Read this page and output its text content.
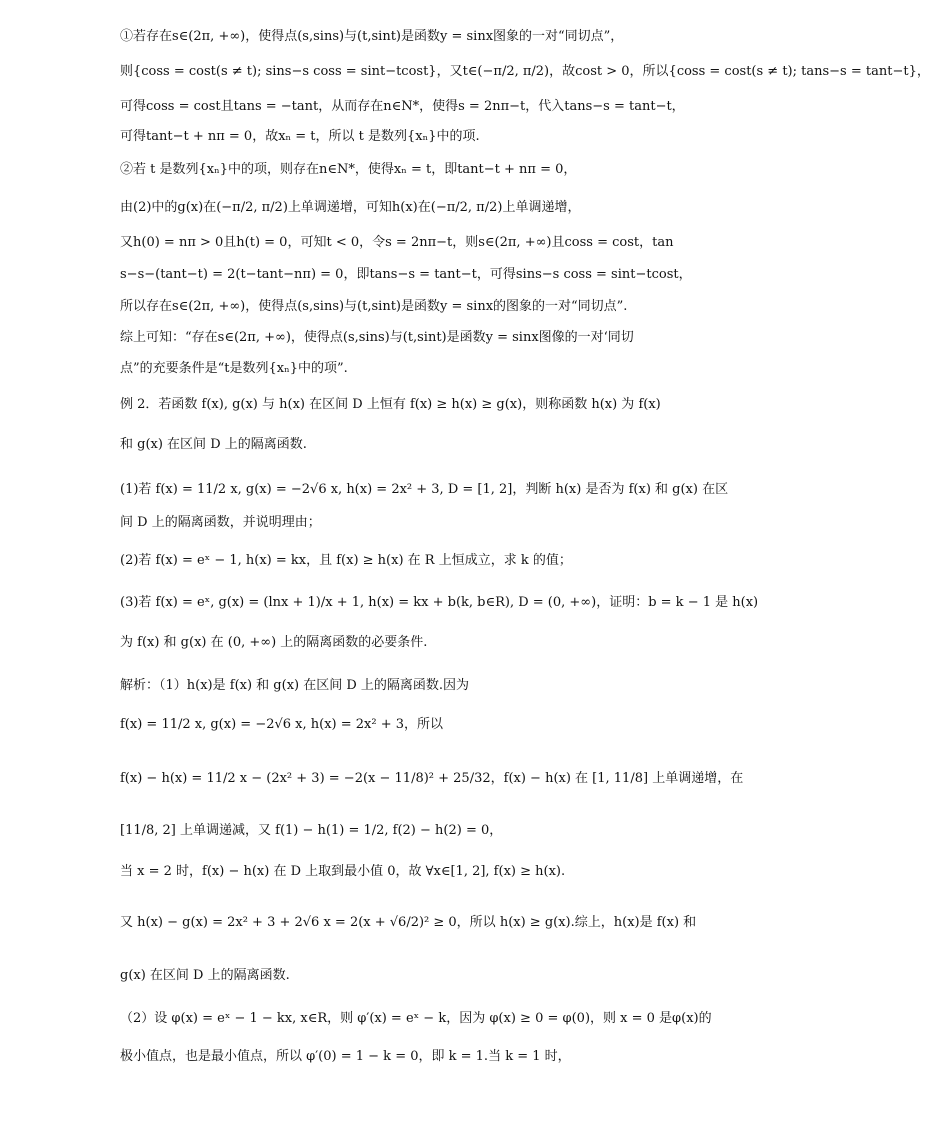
①若存在s∈(2π, +∞)，使得点(s,sins)与(t,sint)是函数y = sinx图象的一对“同切点”，
则{coss = cost(s ≠ t); sins−s coss = sint−tcost}，又t∈(−π/2, π/2)，故cost > 0，所以{coss = cost(s ≠ t); tans−s = tant−t}，
可得coss = cost且tans = −tant，从而存在n∈N*，使得s = 2nπ−t，代入tans−s = tant−t，
可得tant−t + nπ = 0，故xₙ = t，所以 t 是数列{xₙ}中的项.
②若 t 是数列{xₙ}中的项，则存在n∈N*，使得xₙ = t，即tant−t + nπ = 0，
由(2)中的g(x)在(−π/2, π/2)上单调递增，可知h(x)在(−π/2, π/2)上单调递增，
又h(0) = nπ > 0且h(t) = 0，可知t < 0，令s = 2nπ−t，则s∈(2π, +∞)且coss = cost，tan
s−s−(tant−t) = 2(t−tant−nπ) = 0，即tans−s = tant−t，可得sins−s coss = sint−tcost，
所以存在s∈(2π, +∞)，使得点(s,sins)与(t,sint)是函数y = sinx的图象的一对“同切点”.
综上可知：“存在s∈(2π, +∞)，使得点(s,sins)与(t,sint)是函数y = sinx图像的一对‘同切
点”的充要条件是“t是数列{xₙ}中的项”.
例 2．若函数 f(x), g(x) 与 h(x) 在区间 D 上恒有 f(x) ≥ h(x) ≥ g(x)，则称函数 h(x) 为 f(x)
和 g(x) 在区间 D 上的隔离函数.
(1)若 f(x) = 11/2 x, g(x) = −2√6 x, h(x) = 2x² + 3, D = [1, 2]，判断 h(x) 是否为 f(x) 和 g(x) 在区
间 D 上的隔离函数，并说明理由；
(2)若 f(x) = eˣ − 1, h(x) = kx，且 f(x) ≥ h(x) 在 R 上恒成立，求 k 的值；
(3)若 f(x) = eˣ, g(x) = (lnx + 1)/x + 1, h(x) = kx + b(k, b∈R), D = (0, +∞)，证明：b = k − 1 是 h(x)
为 f(x) 和 g(x) 在 (0, +∞) 上的隔离函数的必要条件.
解析：（1）h(x)是 f(x) 和 g(x) 在区间 D 上的隔离函数.因为
f(x) = 11/2 x, g(x) = −2√6 x, h(x) = 2x² + 3，所以
f(x) − h(x) = 11/2 x − (2x² + 3) = −2(x − 11/8)² + 25/32，f(x) − h(x) 在 [1, 11/8] 上单调递增，在
[11/8, 2] 上单调递减，又 f(1) − h(1) = 1/2, f(2) − h(2) = 0，
当 x = 2 时，f(x) − h(x) 在 D 上取到最小值 0，故 ∀x∈[1, 2], f(x) ≥ h(x).
又 h(x) − g(x) = 2x² + 3 + 2√6 x = 2(x + √6/2)² ≥ 0，所以 h(x) ≥ g(x).综上，h(x)是 f(x) 和
g(x) 在区间 D 上的隔离函数.
（2）设 φ(x) = eˣ − 1 − kx, x∈R，则 φ′(x) = eˣ − k，因为 φ(x) ≥ 0 = φ(0)，则 x = 0 是φ(x)的
极小值点，也是最小值点，所以 φ′(0) = 1 − k = 0，即 k = 1.当 k = 1 时，
